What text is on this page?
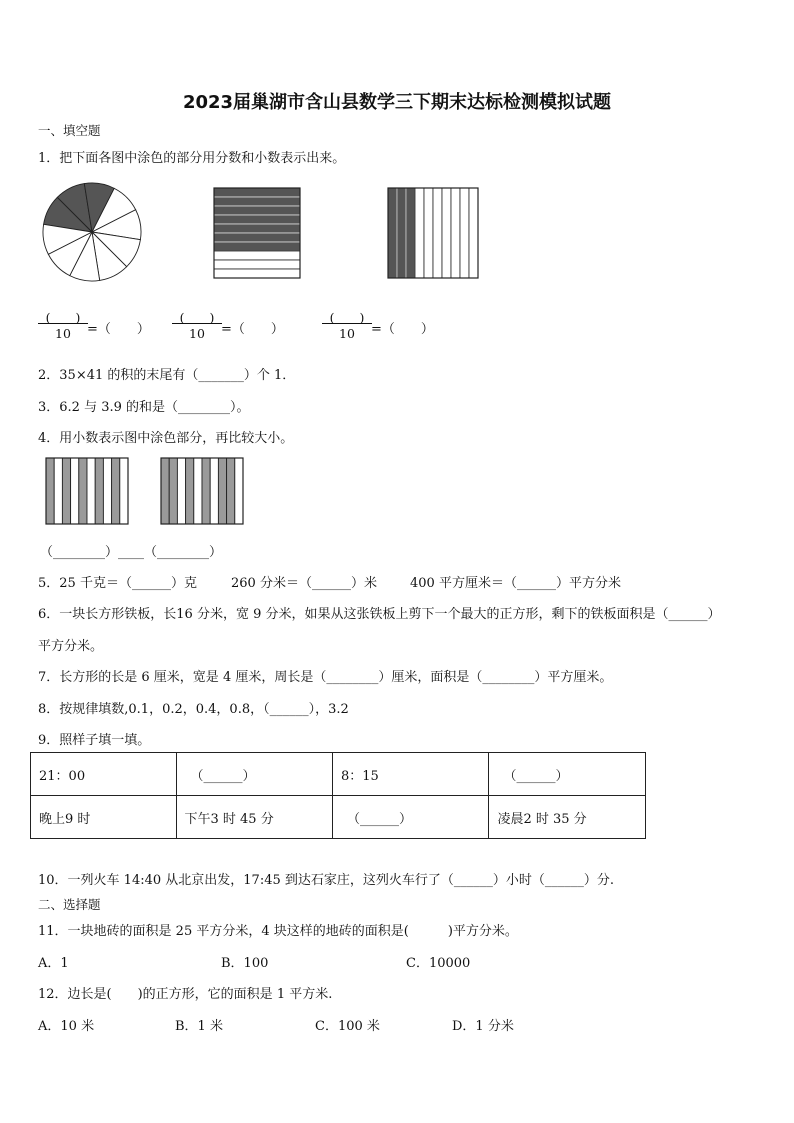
2023届巢湖市含山县数学三下期末达标检测模拟试题
一、填空题
1．把下面各图中涂色的部分用分数和小数表示出来。
(　　)
10	=（　　）
(　　)
10	=（　　）
(　　)
10	=（　　）
2．35×41 的积的末尾有（_______）个 1．
3．6.2 与 3.9 的和是（________）。
4．用小数表示图中涂色部分，再比较大小。
（________）____（________）
5．25 千克＝（______）克	260 分米＝（______）米	400 平方厘米＝（______）平方分米
6．一块长方形铁板，长16 分米，宽 9 分米，如果从这张铁板上剪下一个最大的正方形，剩下的铁板面积是（______）
平方分米。
7．长方形的长是 6 厘米，宽是 4 厘米，周长是（________）厘米，面积是（________）平方厘米。
8．按规律填数,0.1，0.2，0.4，0.8，（______），3.2
9．照样子填一填。
21：00	（______）	8：15	（______）
晚上9 时	下午3 时 45 分	（______）	凌晨2 时 35 分
10．一列火车 14:40 从北京出发，17:45 到达石家庄，这列火车行了（______）小时（______）分.
二、选择题
11．一块地砖的面积是 25 平方分米，4 块这样的地砖的面积是(　　　)平方分米。
A．1	B．100	C．10000
12．边长是(　　)的正方形，它的面积是 1 平方米.
A．10 米	B．1 米	C．100 米	D．1 分米
